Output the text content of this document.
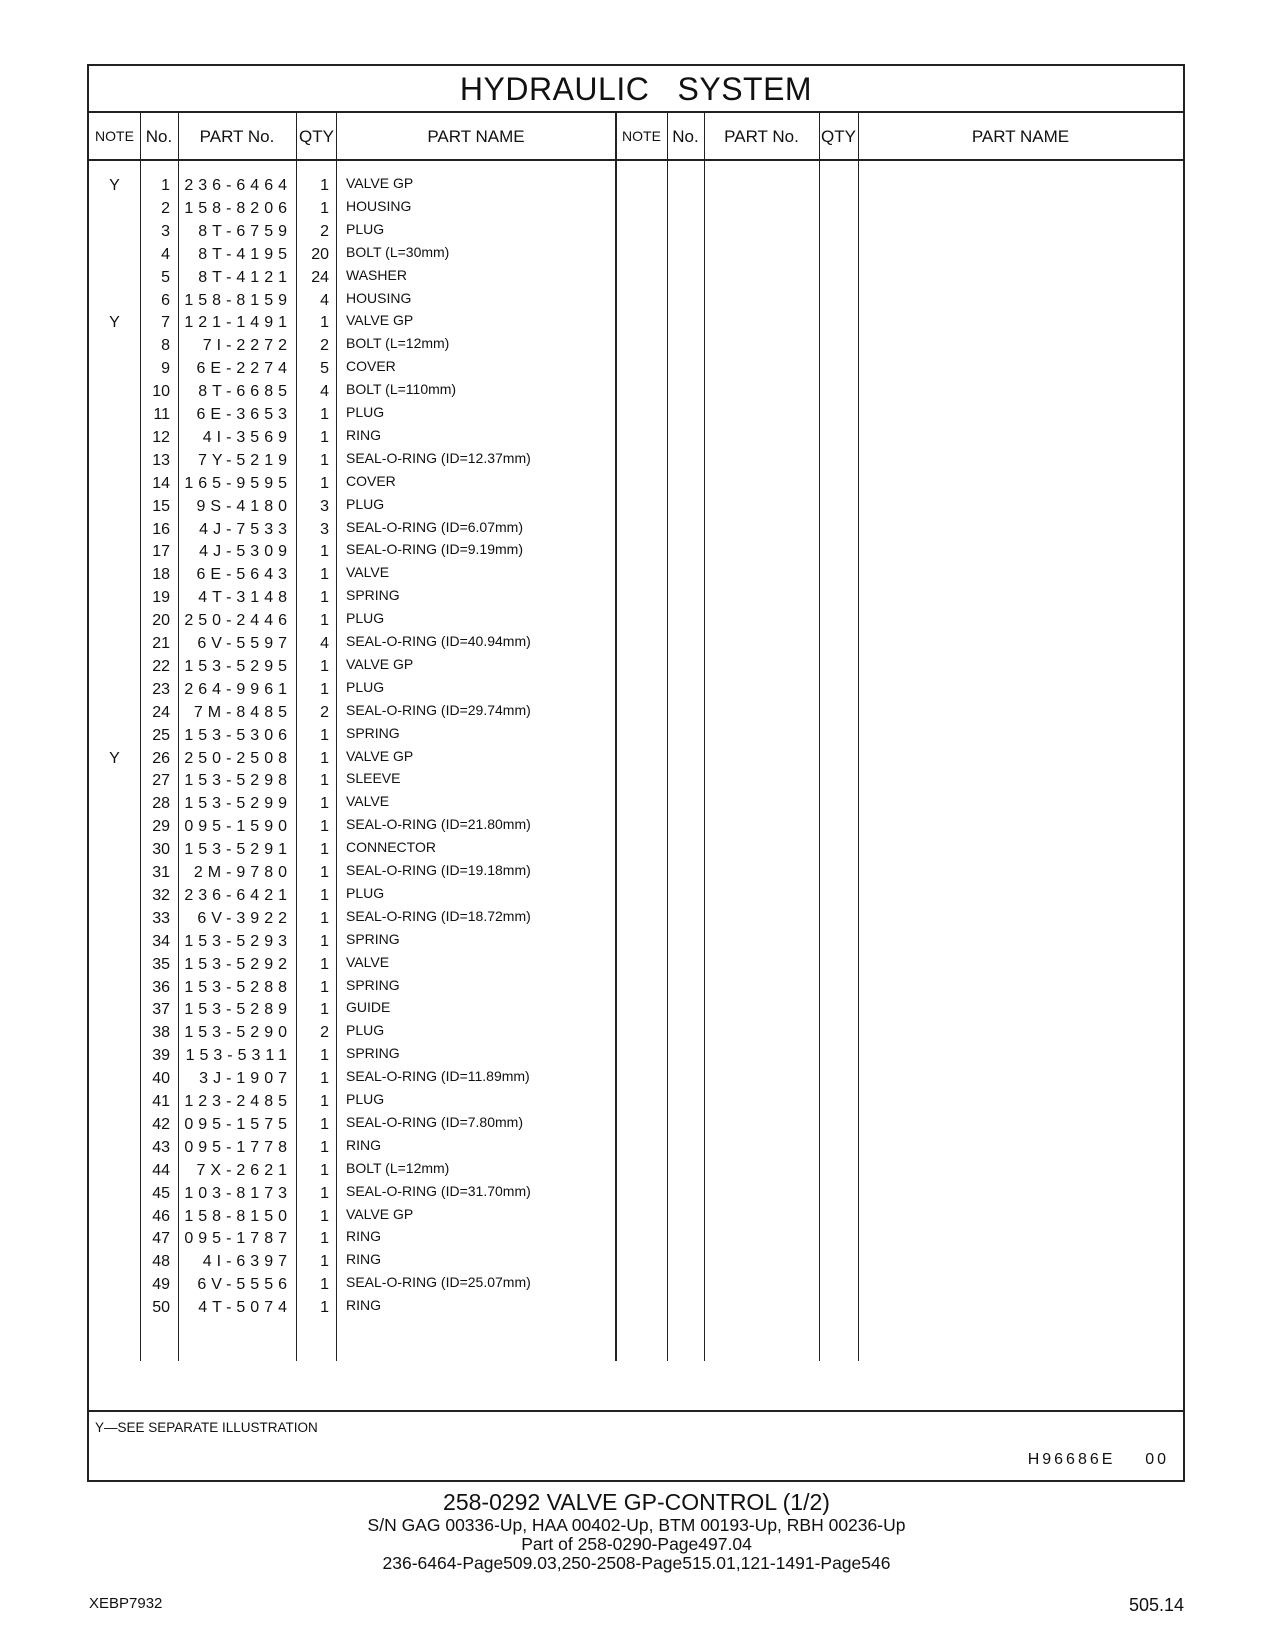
HYDRAULIC   SYSTEM
NOTE No.	PART No.	QTY	PART NAME	NOTE No.	PART No.	QTY	PART NAME
Y	1 236-6464	1	VALVE GP
2 158-8206	1	HOUSING
3	8T-6759	2	PLUG
4	8T-4195	20	BOLT (L=30mm)
5	8T-4121	24	WASHER
6 158-8159	4	HOUSING
Y	7 121-1491	1	VALVE GP
8	7I-2272	2	BOLT (L=12mm)
9	6E-2274	5	COVER
10	8T-6685	4	BOLT (L=110mm)
11	6E-3653	1	PLUG
12	4I-3569	1	RING
13	7Y-5219	1	SEAL-O-RING (ID=12.37mm)
14 165-9595	1	COVER
15	9S-4180	3	PLUG
16	4J-7533	3	SEAL-O-RING (ID=6.07mm)
17	4J-5309	1	SEAL-O-RING (ID=9.19mm)
18	6E-5643	1	VALVE
19	4T-3148	1	SPRING
20 250-2446	1	PLUG
21	6V-5597	4	SEAL-O-RING (ID=40.94mm)
22 153-5295	1	VALVE GP
23 264-9961	1	PLUG
24	7M-8485	2	SEAL-O-RING (ID=29.74mm)
25 153-5306	1	SPRING
Y	26 250-2508	1	VALVE GP
27 153-5298	1	SLEEVE
28 153-5299	1	VALVE
29 095-1590	1	SEAL-O-RING (ID=21.80mm)
30 153-5291	1	CONNECTOR
31	2M-9780	1	SEAL-O-RING (ID=19.18mm)
32 236-6421	1	PLUG
33	6V-3922	1	SEAL-O-RING (ID=18.72mm)
34 153-5293	1	SPRING
35 153-5292	1	VALVE
36 153-5288	1	SPRING
37 153-5289	1	GUIDE
38 153-5290	2	PLUG
39 153-5311	1	SPRING
40	3J-1907	1	SEAL-O-RING (ID=11.89mm)
41 123-2485	1	PLUG
42 095-1575	1	SEAL-O-RING (ID=7.80mm)
43 095-1778	1	RING
44	7X-2621	1	BOLT (L=12mm)
45 103-8173	1	SEAL-O-RING (ID=31.70mm)
46 158-8150	1	VALVE GP
47 095-1787	1	RING
48	4I-6397	1	RING
49	6V-5556	1	SEAL-O-RING (ID=25.07mm)
50	4T-5074	1	RING
Y—SEE SEPARATE ILLUSTRATION
H96686E    00
258-0292 VALVE GP-CONTROL (1/2)
S/N GAG 00336-Up, HAA 00402-Up, BTM 00193-Up, RBH 00236-Up
Part of 258-0290-Page497.04
236-6464-Page509.03,250-2508-Page515.01,121-1491-Page546
XEBP7932	505.14
